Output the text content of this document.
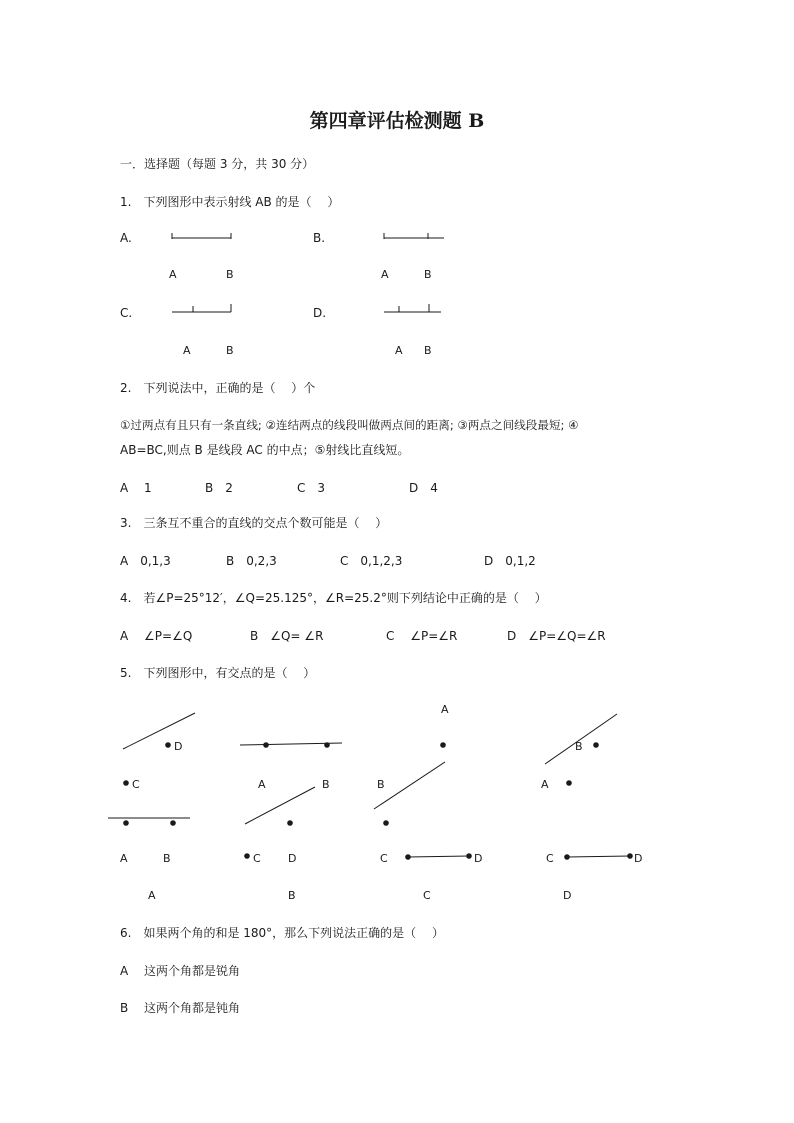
第四章评估检测题 B
一．选择题（每题 3 分，共 30 分）
1.　下列图形中表示射线 AB 的是（　 ）
A.	B.
C.	D.
A	B	A	B
A	B	A B
2.　下列说法中，正确的是（　 ）个
①过两点有且只有一条直线; ②连结两点的线段叫做两点间的距离; ③两点之间线段最短; ④
AB=BC,则点 B 是线段 AC 的中点；⑤射线比直线短。
A　 1	B　2	C　3	D　4
3.　三条互不重合的直线的交点个数可能是（　 ）
A　0,1,3	B　0,2,3	C　0,1,2,3	D　0,1,2
4.　若∠P=25°12′，∠Q=25.125°，∠R=25.2°则下列结论中正确的是（　 ）
A　 ∠P=∠Q	B　∠Q= ∠R	C　 ∠P=∠R	D　∠P=∠Q=∠R
5.　下列图形中，有交点的是（　 ）
D
C
A	B
A	B
C D
A
B
C	D
B
A
C	D
A	B	C	D
6.　如果两个角的和是 180°，那么下列说法正确的是（　 ）
A　 这两个角都是锐角
B　 这两个角都是钝角
